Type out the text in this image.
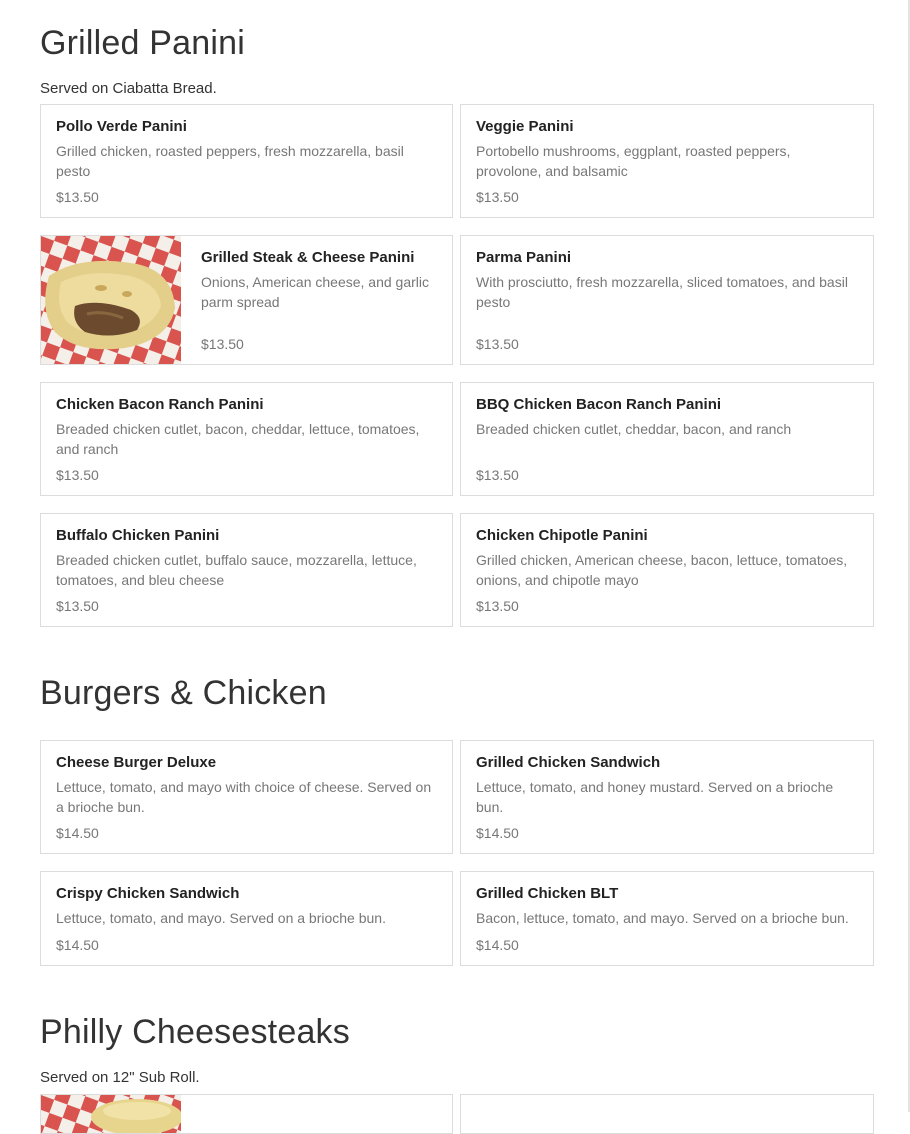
Grilled Panini

Served on Ciabatta Bread.

Pollo Verde Panini
Grilled chicken, roasted peppers, fresh mozzarella, basil pesto
$13.50
Veggie Panini
Portobello mushrooms, eggplant, roasted peppers, provolone, and balsamic
$13.50
Grilled Steak & Cheese Panini
Onions, American cheese, and garlic parm spread
$13.50
Parma Panini
With prosciutto, fresh mozzarella, sliced tomatoes, and basil pesto
$13.50
Chicken Bacon Ranch Panini
Breaded chicken cutlet, bacon, cheddar, lettuce, tomatoes, and ranch
$13.50
BBQ Chicken Bacon Ranch Panini
Breaded chicken cutlet, cheddar, bacon, and ranch
$13.50
Buffalo Chicken Panini
Breaded chicken cutlet, buffalo sauce, mozzarella, lettuce, tomatoes, and bleu cheese
$13.50
Chicken Chipotle Panini
Grilled chicken, American cheese, bacon, lettuce, tomatoes, onions, and chipotle mayo
$13.50
Burgers & Chicken
Cheese Burger Deluxe
Lettuce, tomato, and mayo with choice of cheese. Served on a brioche bun.
$14.50
Grilled Chicken Sandwich
Lettuce, tomato, and honey mustard. Served on a brioche bun.
$14.50
Crispy Chicken Sandwich
Lettuce, tomato, and mayo. Served on a brioche bun.
$14.50
Grilled Chicken BLT
Bacon, lettuce, tomato, and mayo. Served on a brioche bun.
$14.50
Philly Cheesesteaks

Served on 12" Sub Roll.
